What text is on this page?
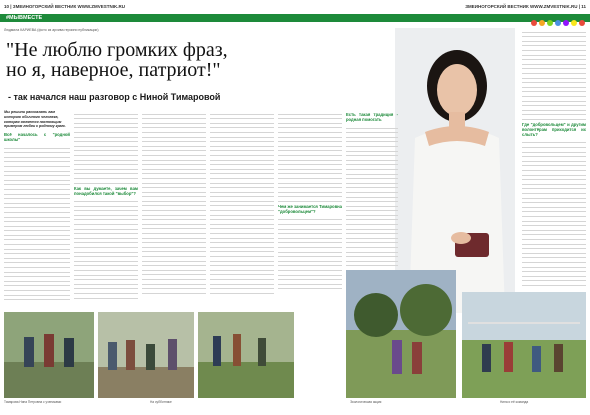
10 | ЗМЕИНОГОРСКИЙ ВЕСТНИК WWW.ZMVESTNIK.RU	ЗМЕИНОГОРСКИЙ ВЕСТНИК WWW.ZMVESTNIK.RU | 11
#МЫВМЕСТЕ
Людмила КАРИЕВА (фото из архива героини публикации)
"Не люблю громких фраз,
но я, наверное, патриот!"
- так начался наш разговор с Ниной Тимаровой
Мы решили рассказать вам историю обычного человека, которая является настоящим примером любви к родному краю.
Всё началось с "родной школы"
Как вы думаете, зачем вам понадобился такой "выбор"?
Чем же занимается Тимаровна "добровольцем"?
Есть такая традиция - родная помогать
Где "добровольцем" и другим волонтёрам приходится их слыть?
Тимарова Нина Петровна с учениками	На субботнике	Экологическая акция	Нина и её команда
